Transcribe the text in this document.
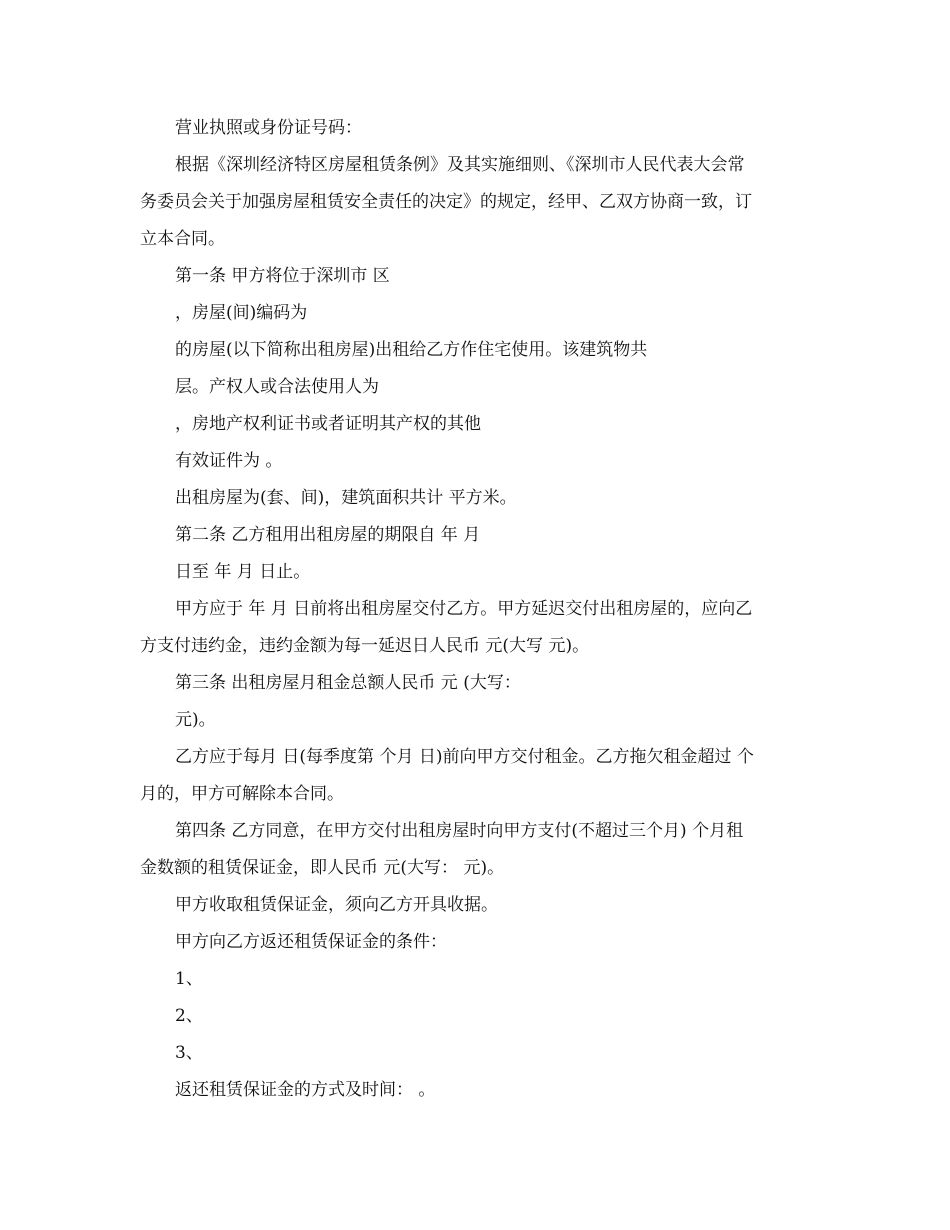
营业执照或身份证号码：

根据《深圳经济特区房屋租赁条例》及其实施细则、《深圳市人民代表大会常

务委员会关于加强房屋租赁安全责任的决定》的规定，经甲、乙双方协商一致，订

立本合同。

第一条 甲方将位于深圳市 区

，房屋(间)编码为

的房屋(以下简称出租房屋)出租给乙方作住宅使用。该建筑物共

层。产权人或合法使用人为

，房地产权利证书或者证明其产权的其他

有效证件为 。

出租房屋为(套、间)，建筑面积共计 平方米。

第二条 乙方租用出租房屋的期限自 年 月

日至 年 月 日止。

甲方应于 年 月 日前将出租房屋交付乙方。甲方延迟交付出租房屋的，应向乙

方支付违约金，违约金额为每一延迟日人民币 元(大写 元)。

第三条 出租房屋月租金总额人民币 元 (大写：

元)。

乙方应于每月 日(每季度第 个月 日)前向甲方交付租金。乙方拖欠租金超过 个

月的，甲方可解除本合同。

第四条 乙方同意，在甲方交付出租房屋时向甲方支付(不超过三个月) 个月租

金数额的租赁保证金，即人民币 元(大写： 元)。

甲方收取租赁保证金，须向乙方开具收据。

甲方向乙方返还租赁保证金的条件：

1、

2、

3、

返还租赁保证金的方式及时间： 。
